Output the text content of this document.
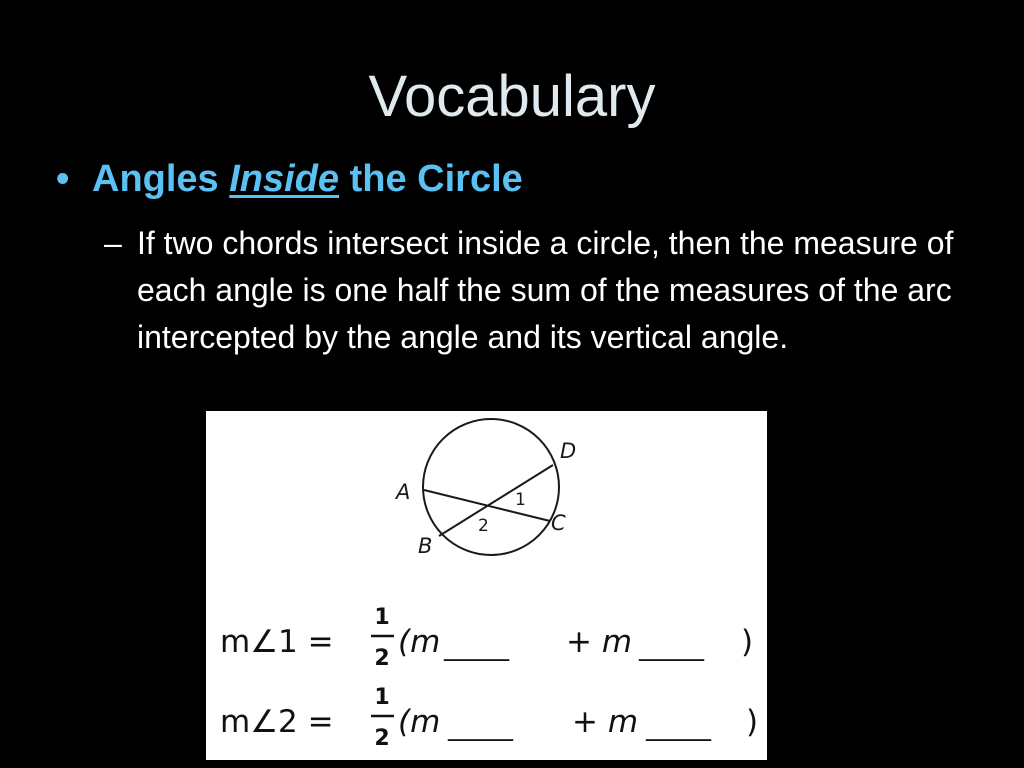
Vocabulary
• Angles Inside the Circle
– If two chords intersect inside a circle, then the measure of each angle is one half the sum of the measures of the arc intercepted by the angle and its vertical angle.
A
B
C
D
1
2
m∠1 =
1
2 (m _____ + m _____ )
m∠2 =
1
2 (m _____ + m _____ )
